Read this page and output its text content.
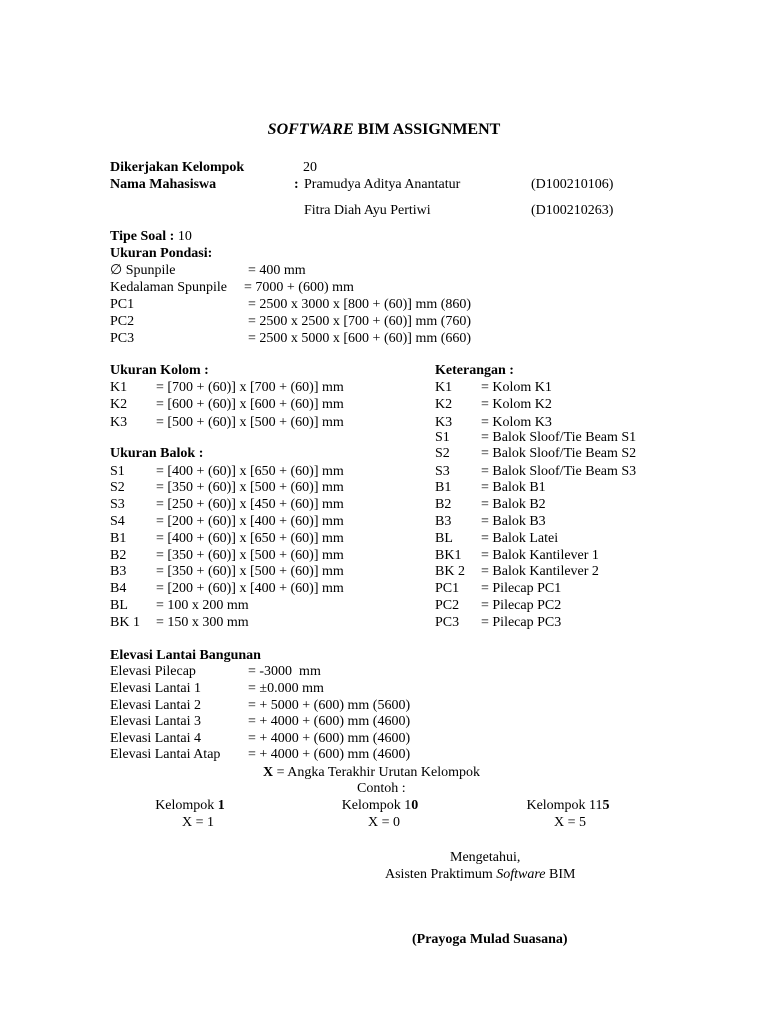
SOFTWARE BIM ASSIGNMENT
Dikerjakan Kelompok	20
Nama Mahasiswa	: Pramudya Aditya Anantatur	(D100210106)
Fitra Diah Ayu Pertiwi	(D100210263)
Tipe Soal : 10
Ukuran Pondasi:
∅ Spunpile	= 400 mm
Kedalaman Spunpile = 7000 + (600) mm
PC1	= 2500 x 3000 x [800 + (60)] mm (860)
PC2	= 2500 x 2500 x [700 + (60)] mm (760)
PC3	= 2500 x 5000 x [600 + (60)] mm (660)
Ukuran Kolom :
K1 = [700 + (60)] x [700 + (60)] mm
K2 = [600 + (60)] x [600 + (60)] mm
K3 = [500 + (60)] x [500 + (60)] mm
Ukuran Balok :
S1 = [400 + (60)] x [650 + (60)] mm
S2 = [350 + (60)] x [500 + (60)] mm
S3 = [250 + (60)] x [450 + (60)] mm
S4 = [200 + (60)] x [400 + (60)] mm
B1 = [400 + (60)] x [650 + (60)] mm
B2 = [350 + (60)] x [500 + (60)] mm
B3 = [350 + (60)] x [500 + (60)] mm
B4 = [200 + (60)] x [400 + (60)] mm
BL = 100 x 200 mm
BK 1 = 150 x 300 mm
Keterangan :
K1 = Kolom K1
K2 = Kolom K2
K3 = Kolom K3
S1 = Balok Sloof/Tie Beam S1
S2 = Balok Sloof/Tie Beam S2
S3 = Balok Sloof/Tie Beam S3
B1 = Balok B1
B2 = Balok B2
B3 = Balok B3
BL = Balok Latei
BK1 = Balok Kantilever 1
BK 2 = Balok Kantilever 2
PC1 = Pilecap PC1
PC2 = Pilecap PC2
PC3 = Pilecap PC3
Elevasi Lantai Bangunan
Elevasi Pilecap	= -3000  mm
Elevasi Lantai 1	= ±0.000 mm
Elevasi Lantai 2	= + 5000 + (600) mm (5600)
Elevasi Lantai 3	= + 4000 + (600) mm (4600)
Elevasi Lantai 4	= + 4000 + (600) mm (4600)
Elevasi Lantai Atap = + 4000 + (600) mm (4600)
X = Angka Terakhir Urutan Kelompok
Contoh :
Kelompok 1
X = 1
Kelompok 10
X = 0
Kelompok 115
X = 5
Mengetahui,
Asisten Praktimum Software BIM
(Prayoga Mulad Suasana)
